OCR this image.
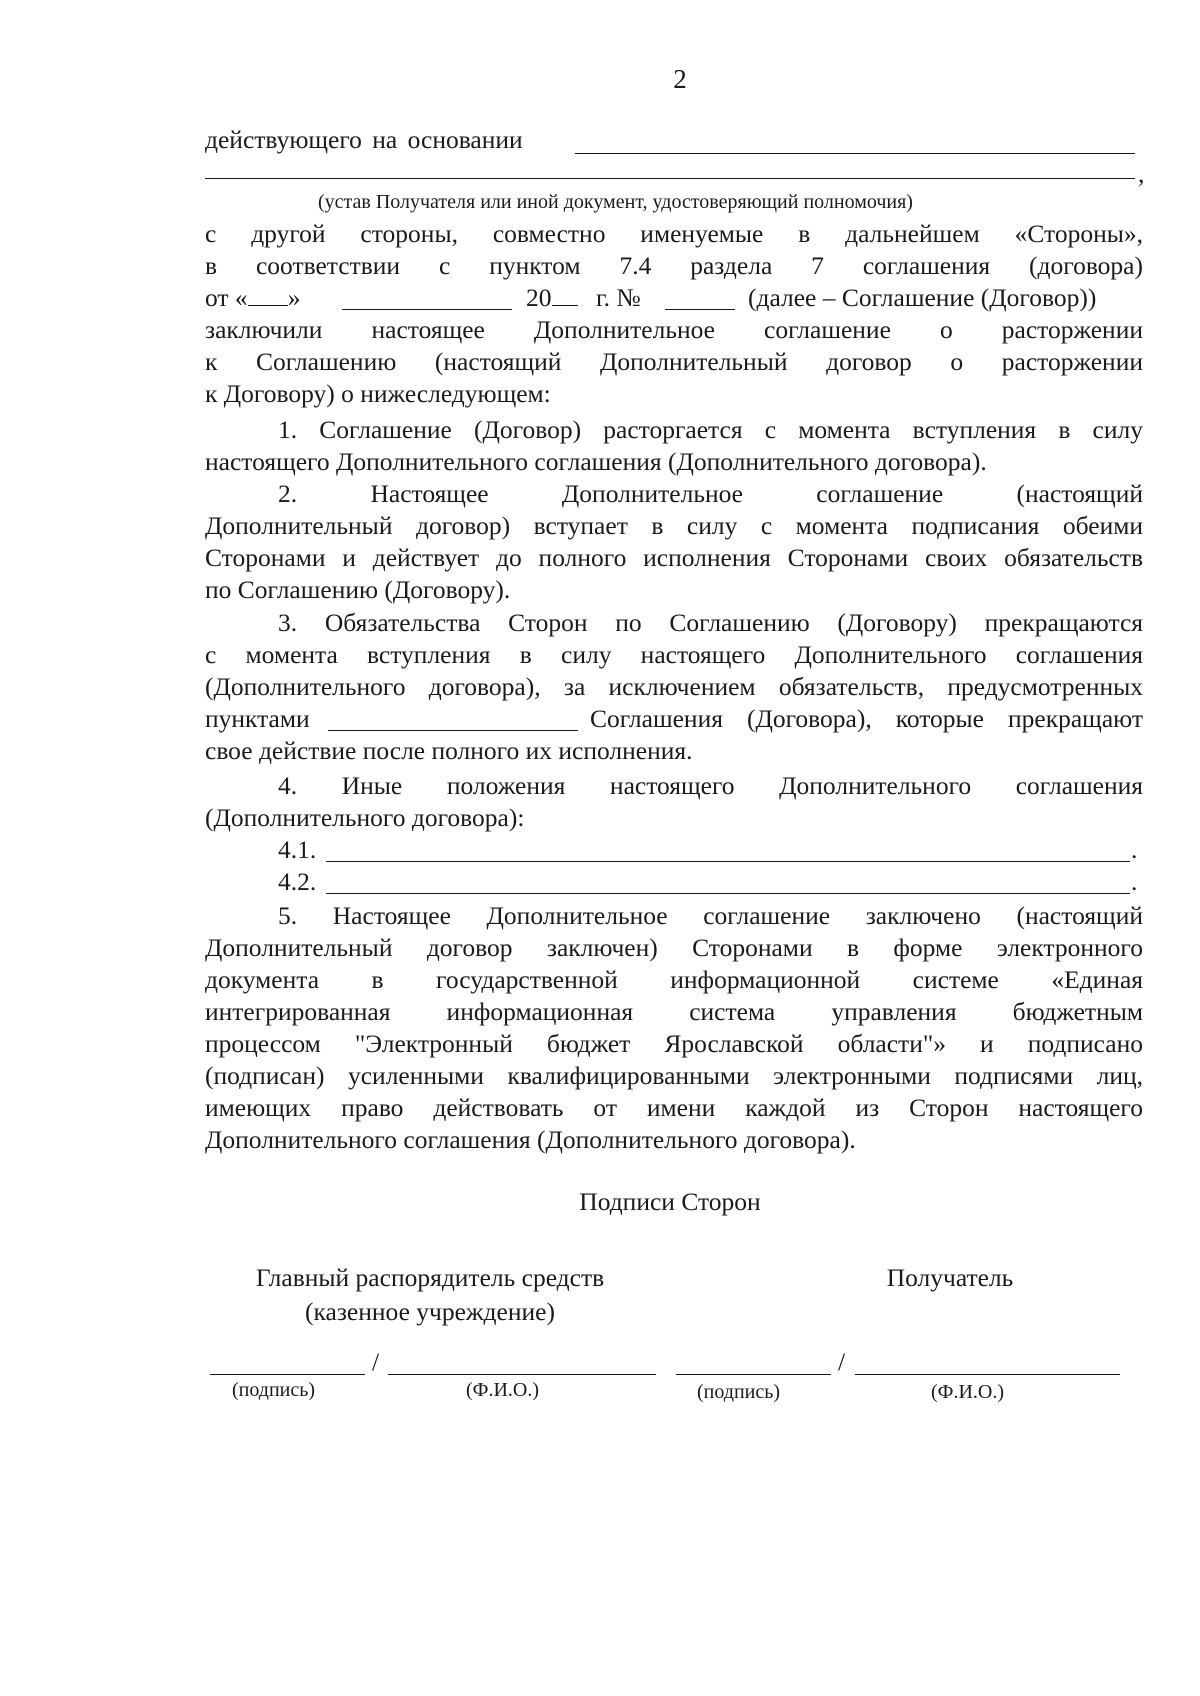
2
действующего на основании
,
(устав Получателя или иной документ, удостоверяющий полномочия)
с другой стороны, совместно именуемые в дальнейшем «Стороны»,
в соответствии с пунктом 7.4 раздела 7 соглашения (договора)
от « »	20	г. №	(далее – Соглашение (Договор))
заключили настоящее Дополнительное соглашение о расторжении
к Соглашению (настоящий Дополнительный договор о расторжении
к Договору) о нижеследующем:
1. Соглашение (Договор) расторгается с момента вступления в силу
настоящего Дополнительного соглашения (Дополнительного договора).
2. Настоящее Дополнительное соглашение (настоящий
Дополнительный договор) вступает в силу с момента подписания обеими
Сторонами и действует до полного исполнения Сторонами своих обязательств
по Соглашению (Договору).
3. Обязательства Сторон по Соглашению (Договору) прекращаются
с момента вступления в силу настоящего Дополнительного соглашения
(Дополнительного договора), за исключением обязательств, предусмотренных
пунктами	Соглашения (Договора), которые прекращают
свое действие после полного их исполнения.
4. Иные положения настоящего Дополнительного соглашения
(Дополнительного договора):
4.1.	.
4.2.	.
5. Настоящее Дополнительное соглашение заключено (настоящий
Дополнительный договор заключен) Сторонами в форме электронного
документа в государственной информационной системе «Единая
интегрированная информационная система управления бюджетным
процессом "Электронный бюджет Ярославской области"» и подписано
(подписан) усиленными квалифицированными электронными подписями лиц,
имеющих право действовать от имени каждой из Сторон настоящего
Дополнительного соглашения (Дополнительного договора).
Подписи Сторон
Главный распорядитель средств
(казенное учреждение)
Получатель
/
(подпись)	(Ф.И.О.)
/
(подпись)	(Ф.И.О.)
